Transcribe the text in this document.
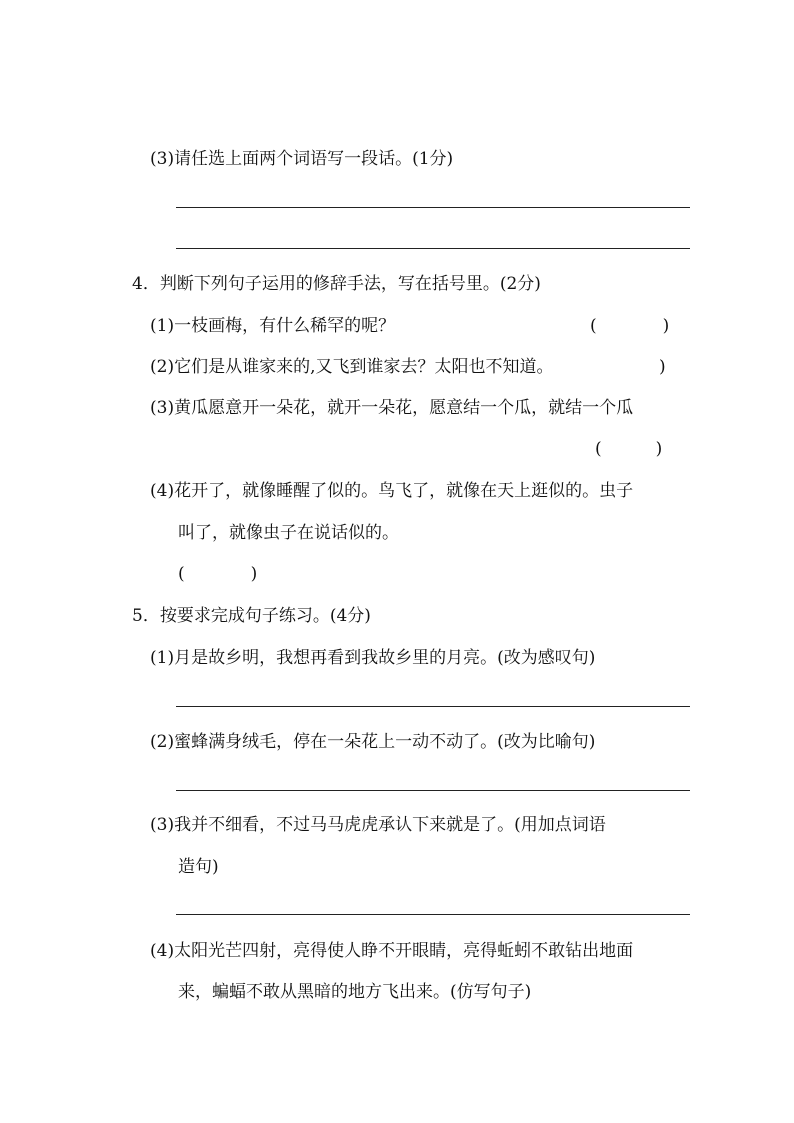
(3)请任选上面两个词语写一段话。(1分)
4．判断下列句子运用的修辞手法，写在括号里。(2分)
(1)一枝画梅，有什么稀罕的呢？	(	)
(2)它们是从谁家来的,又飞到谁家去？太阳也不知道。	)
(3)黄瓜愿意开一朵花，就开一朵花，愿意结一个瓜，就结一个瓜
(	)
(4)花开了，就像睡醒了似的。鸟飞了，就像在天上逛似的。虫子
叫了，就像虫子在说话似的。
(	)
5．按要求完成句子练习。(4分)
(1)月是故乡明，我想再看到我故乡里的月亮。(改为感叹句)
(2)蜜蜂满身绒毛，停在一朵花上一动不动了。(改为比喻句)
(3)我并不细看，不过马马虎虎承认下来就是了。(用加点词语
造句)
(4)太阳光芒四射，亮得使人睁不开眼睛，亮得蚯蚓不敢钻出地面
来，蝙蝠不敢从黑暗的地方飞出来。(仿写句子)
